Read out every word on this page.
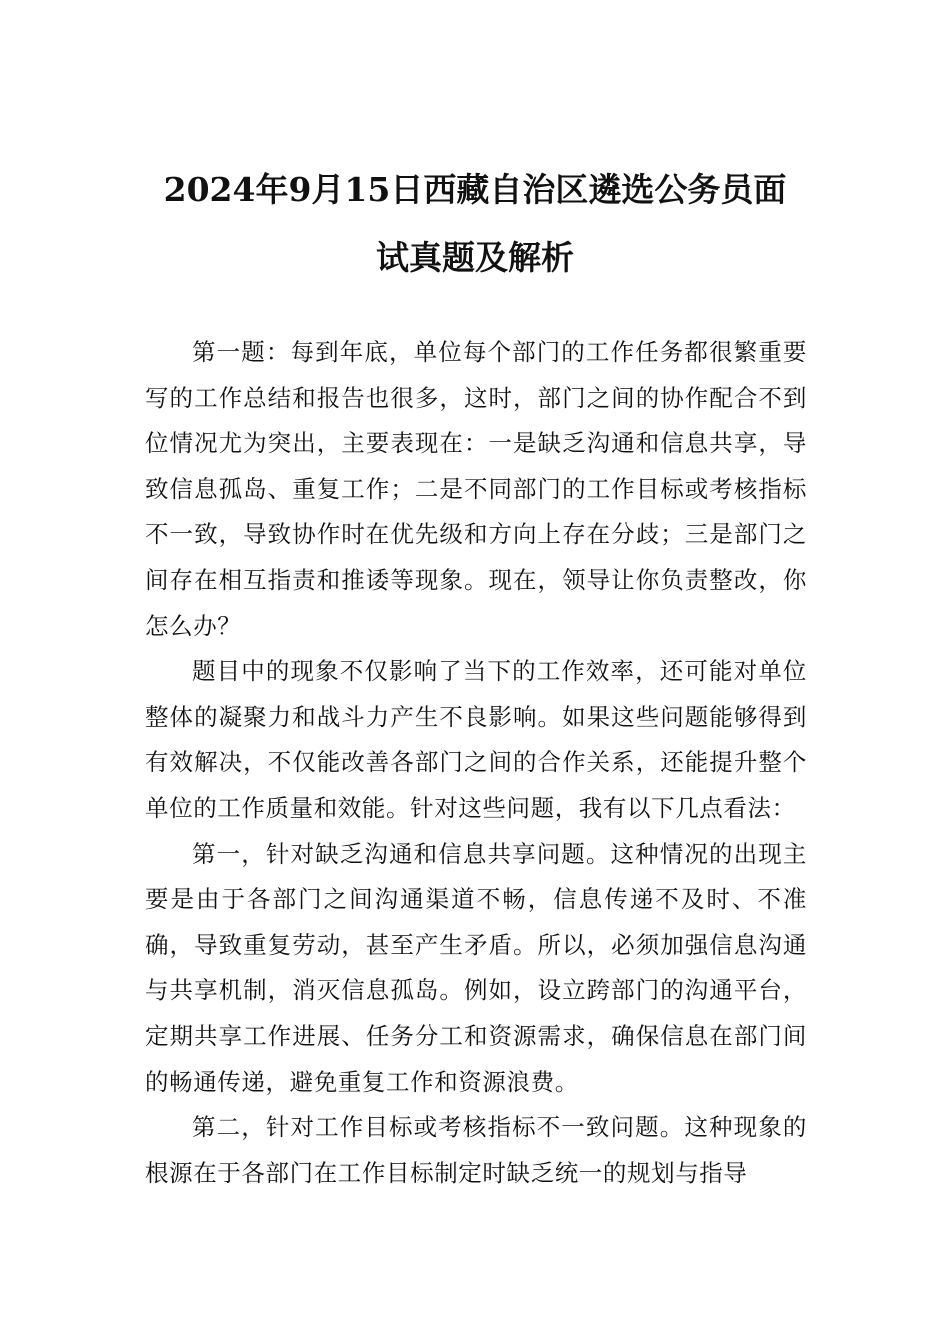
2024年9月15日西藏自治区遴选公务员面
试真题及解析

第一题：每到年底，单位每个部门的工作任务都很繁重要写的工作总结和报告也很多，这时，部门之间的协作配合不到位情况尤为突出，主要表现在：一是缺乏沟通和信息共享，导致信息孤岛、重复工作；二是不同部门的工作目标或考核指标不一致，导致协作时在优先级和方向上存在分歧；三是部门之间存在相互指责和推诿等现象。现在，领导让你负责整改，你怎么办？

题目中的现象不仅影响了当下的工作效率，还可能对单位整体的凝聚力和战斗力产生不良影响。如果这些问题能够得到有效解决，不仅能改善各部门之间的合作关系，还能提升整个单位的工作质量和效能。针对这些问题，我有以下几点看法：

第一，针对缺乏沟通和信息共享问题。这种情况的出现主要是由于各部门之间沟通渠道不畅，信息传递不及时、不准确，导致重复劳动，甚至产生矛盾。所以，必须加强信息沟通与共享机制，消灭信息孤岛。例如，设立跨部门的沟通平台，定期共享工作进展、任务分工和资源需求，确保信息在部门间的畅通传递，避免重复工作和资源浪费。

第二，针对工作目标或考核指标不一致问题。这种现象的根源在于各部门在工作目标制定时缺乏统一的规划与指导
